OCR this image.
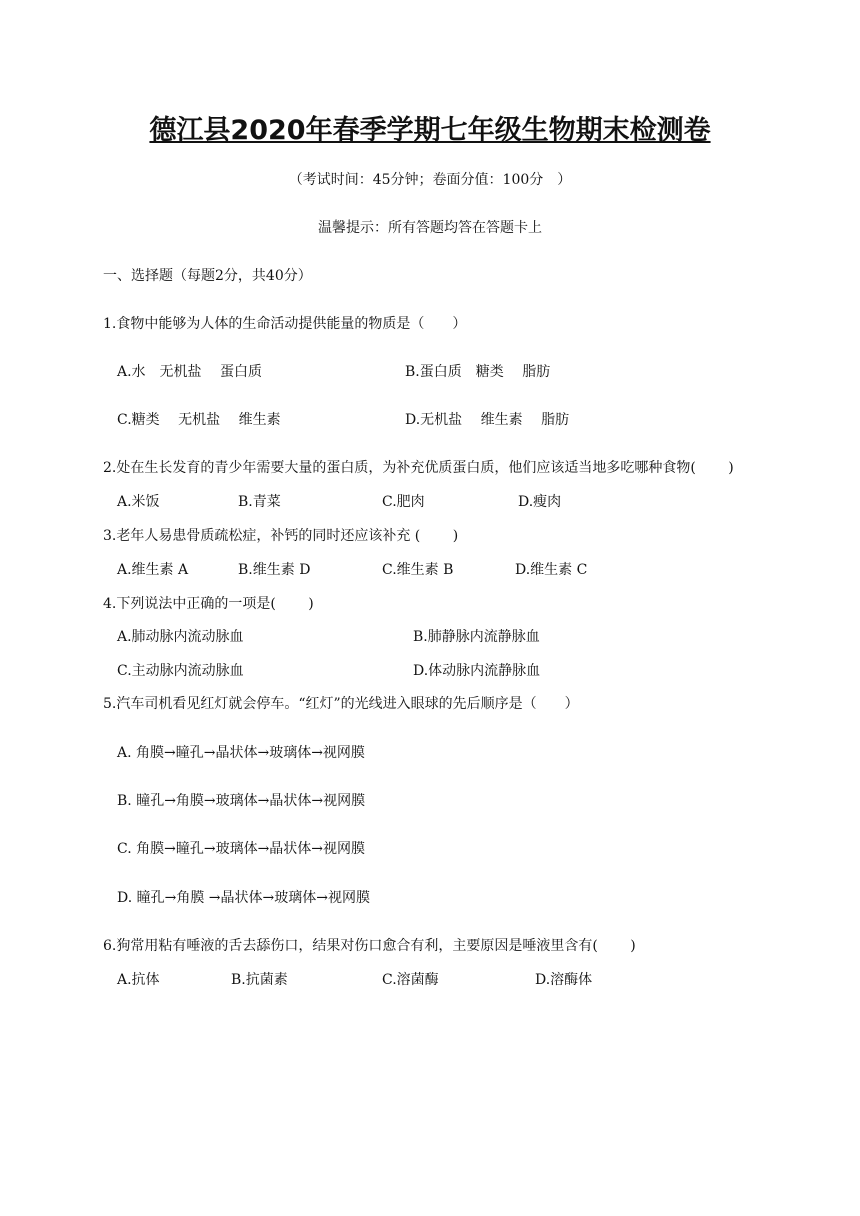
德江县2020年春季学期七年级生物期末检测卷
（考试时间：45分钟；卷面分值：100分　）
温馨提示：所有答题均答在答题卡上
一、选择题（每题2分，共40分）
1.食物中能够为人体的生命活动提供能量的物质是（　　）
A.水　无机盐　 蛋白质	B.蛋白质　糖类　 脂肪
C.糖类　 无机盐　 维生素	D.无机盐　 维生素　 脂肪
2.处在生长发育的青少年需要大量的蛋白质，为补充优质蛋白质，他们应该适当地多吃哪种食物(　　 )
A.米饭	B.青菜	C.肥肉	D.瘦肉
3.老年人易患骨质疏松症，补钙的同时还应该补充 (　　 )
A.维生素 A	B.维生素 D	C.维生素 B	D.维生素 C
4.下列说法中正确的一项是(　　 )
A.肺动脉内流动脉血	B.肺静脉内流静脉血
C.主动脉内流动脉血	D.体动脉内流静脉血
5.汽车司机看见红灯就会停车。“红灯”的光线进入眼球的先后顺序是（　　）
A. 角膜→瞳孔→晶状体→玻璃体→视网膜
B. 瞳孔→角膜→玻璃体→晶状体→视网膜
C. 角膜→瞳孔→玻璃体→晶状体→视网膜
D. 瞳孔→角膜 →晶状体→玻璃体→视网膜
6.狗常用粘有唾液的舌去舔伤口，结果对伤口愈合有利，主要原因是唾液里含有(　　 )
A.抗体	B.抗菌素	C.溶菌酶	D.溶酶体
